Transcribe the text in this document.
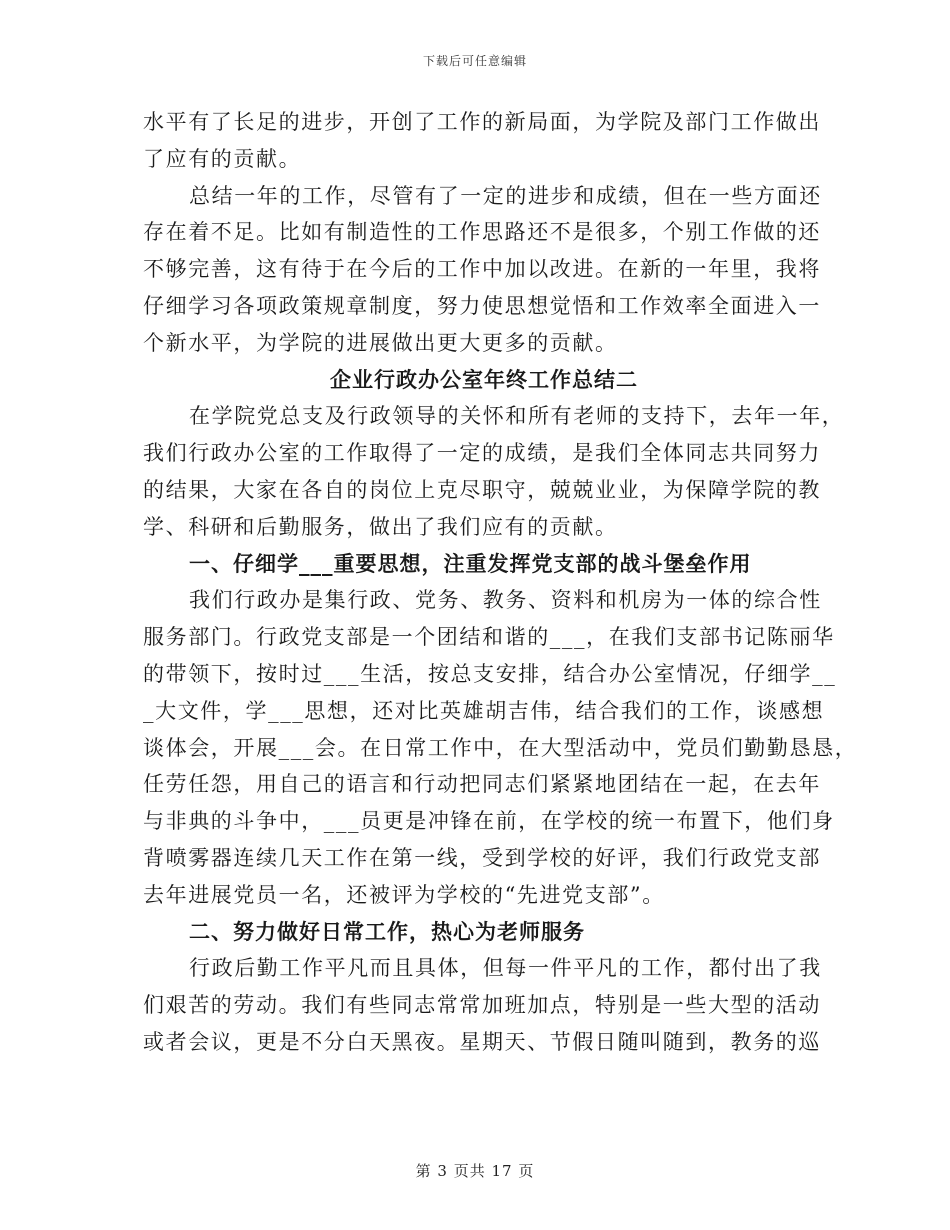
下载后可任意编辑
水平有了长足的进步，开创了工作的新局面，为学院及部门工作做出
了应有的贡献。
总结一年的工作，尽管有了一定的进步和成绩，但在一些方面还
存在着不足。比如有制造性的工作思路还不是很多，个别工作做的还
不够完善，这有待于在今后的工作中加以改进。在新的一年里，我将
仔细学习各项政策规章制度，努力使思想觉悟和工作效率全面进入一
个新水平，为学院的进展做出更大更多的贡献。
企业行政办公室年终工作总结二
在学院党总支及行政领导的关怀和所有老师的支持下，去年一年，
我们行政办公室的工作取得了一定的成绩，是我们全体同志共同努力
的结果，大家在各自的岗位上克尽职守，兢兢业业，为保障学院的教
学、科研和后勤服务，做出了我们应有的贡献。
一、仔细学___重要思想，注重发挥党支部的战斗堡垒作用
我们行政办是集行政、党务、教务、资料和机房为一体的综合性
服务部门。行政党支部是一个团结和谐的___，在我们支部书记陈丽华
的带领下，按时过___生活，按总支安排，结合办公室情况，仔细学__
_大文件，学___思想，还对比英雄胡吉伟，结合我们的工作，谈感想
谈体会，开展___会。在日常工作中，在大型活动中，党员们勤勤恳恳，
任劳任怨，用自己的语言和行动把同志们紧紧地团结在一起，在去年
与非典的斗争中，___员更是冲锋在前，在学校的统一布置下，他们身
背喷雾器连续几天工作在第一线，受到学校的好评，我们行政党支部
去年进展党员一名，还被评为学校的“先进党支部”。
二、努力做好日常工作，热心为老师服务
行政后勤工作平凡而且具体，但每一件平凡的工作，都付出了我
们艰苦的劳动。我们有些同志常常加班加点，特别是一些大型的活动
或者会议，更是不分白天黑夜。星期天、节假日随叫随到，教务的巡
第 3 页共 17 页
